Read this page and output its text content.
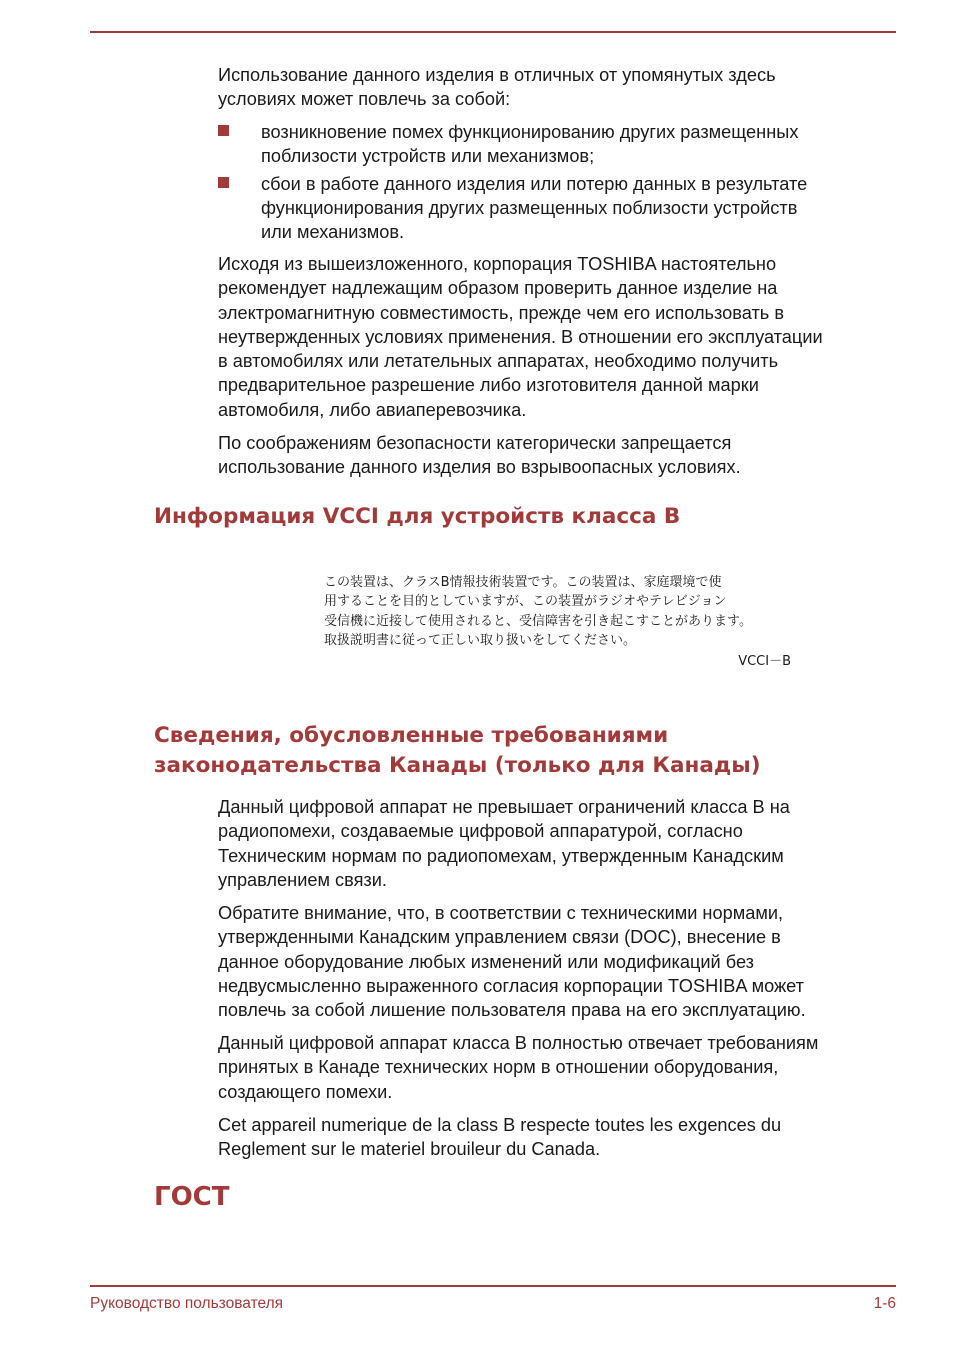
Использование данного изделия в отличных от упомянутых здесь
условиях может повлечь за собой:

возникновение помех функционированию других размещенных
поблизости устройств или механизмов;
сбои в работе данного изделия или потерю данных в результате
функционирования других размещенных поблизости устройств
или механизмов.

Исходя из вышеизложенного, корпорация TOSHIBA настоятельно
рекомендует надлежащим образом проверить данное изделие на
электромагнитную совместимость, прежде чем его использовать в
неутвержденных условиях применения. В отношении его эксплуатации
в автомобилях или летательных аппаратах, необходимо получить
предварительное разрешение либо изготовителя данной марки
автомобиля, либо авиаперевозчика.

По соображениям безопасности категорически запрещается
использование данного изделия во взрывоопасных условиях.

Информация VCCI для устройств класса B
この装置は、クラスB情報技術装置です。この装置は、家庭環境で使
用することを目的としていますが、この装置がラジオやテレビジョン
受信機に近接して使用されると、受信障害を引き起こすことがあります。
取扱説明書に従って正しい取り扱いをしてください。
VCCI－B
Сведения, обусловленные требованиями
законодательства Канады (только для Канады)

Данный цифровой аппарат не превышает ограничений класса B на
радиопомехи, создаваемые цифровой аппаратурой, согласно
Техническим нормам по радиопомехам, утвержденным Канадским
управлением связи.

Обратите внимание, что, в соответствии с техническими нормами,
утвержденными Канадским управлением связи (DOC), внесение в
данное оборудование любых изменений или модификаций без
недвусмысленно выраженного согласия корпорации TOSHIBA может
повлечь за собой лишение пользователя права на его эксплуатацию.

Данный цифровой аппарат класса B полностью отвечает требованиям
принятых в Канаде технических норм в отношении оборудования,
создающего помехи.

Cet appareil numerique de la class B respecte toutes les exgences du
Reglement sur le materiel brouileur du Canada.

ГОСТ
Руководство пользователя	1-6
